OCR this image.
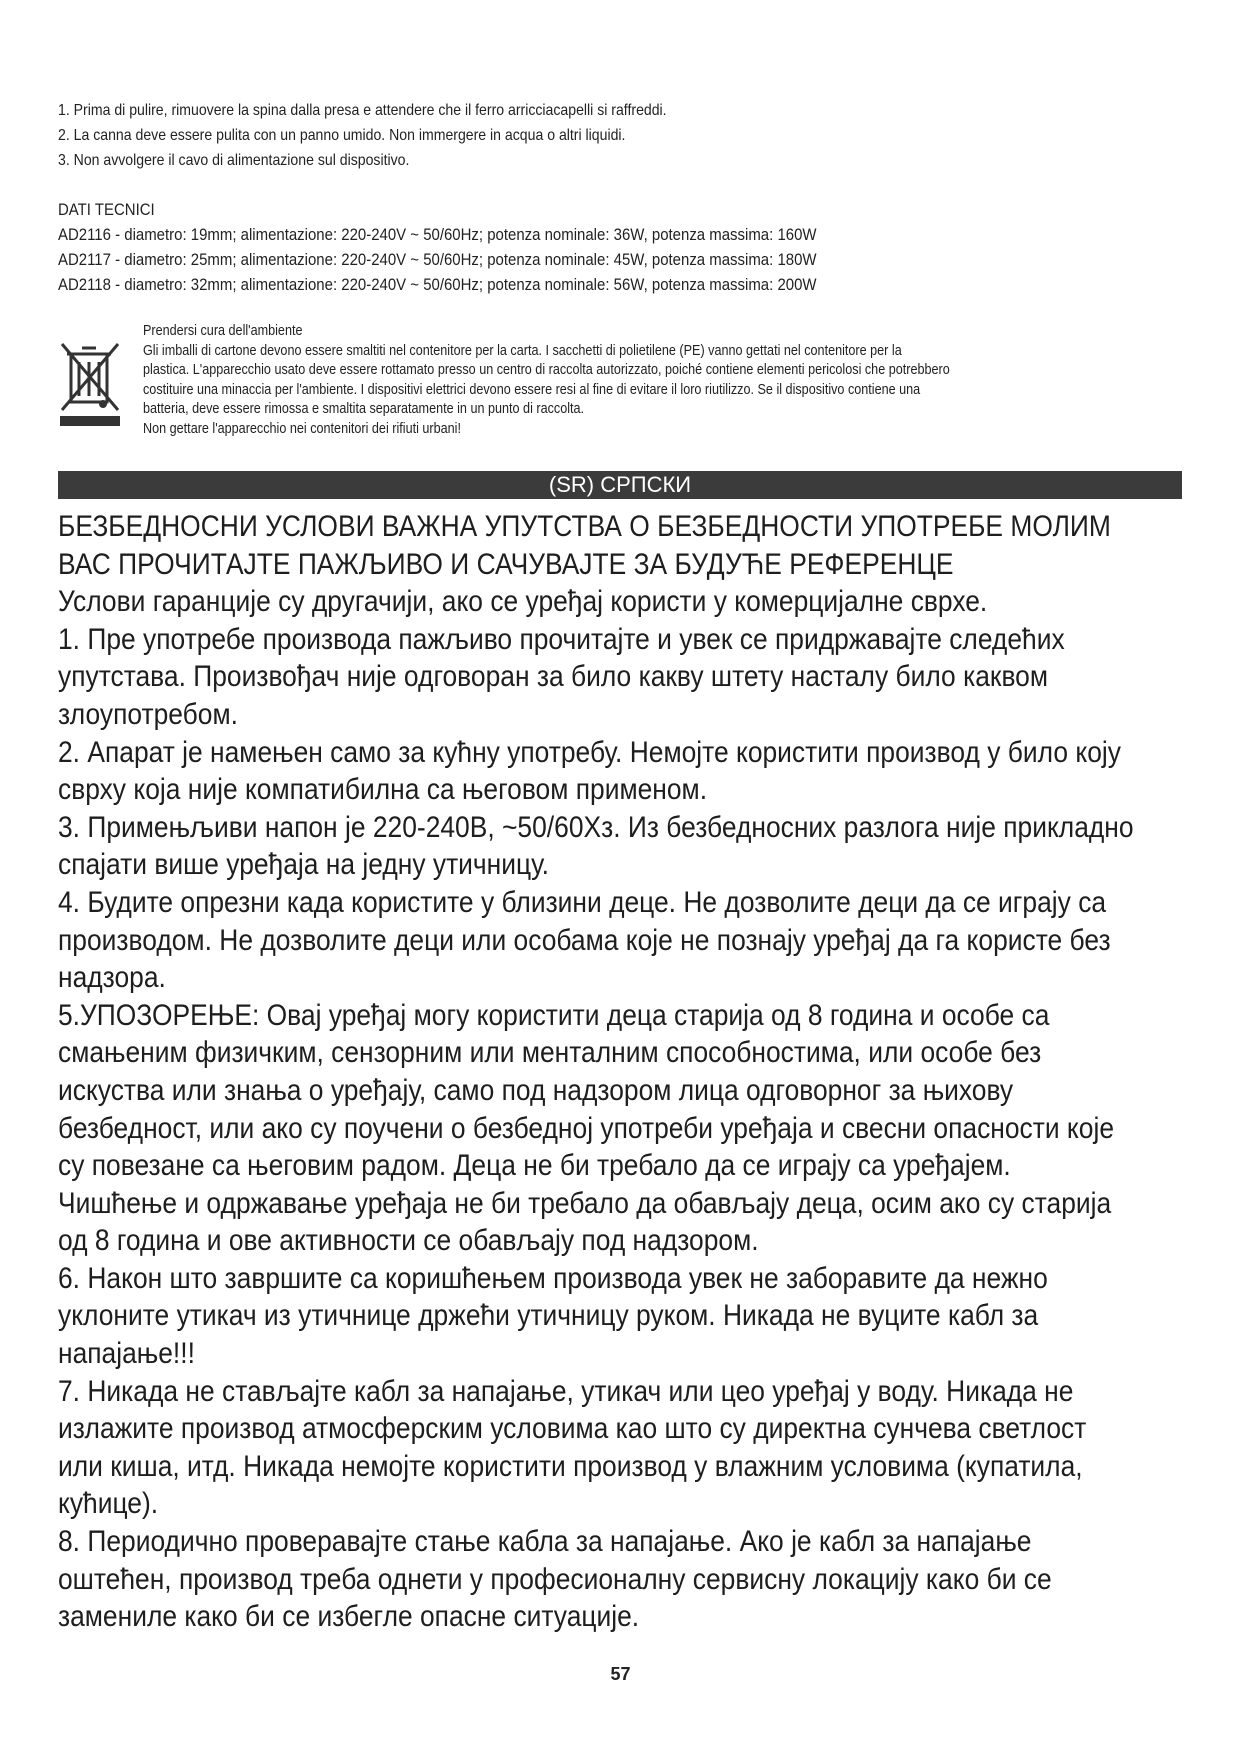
1. Prima di pulire, rimuovere la spina dalla presa e attendere che il ferro arricciacapelli si raffreddi.
2. La canna deve essere pulita con un panno umido. Non immergere in acqua o altri liquidi.
3. Non avvolgere il cavo di alimentazione sul dispositivo.
DATI TECNICI
AD2116 - diametro: 19mm; alimentazione: 220-240V ~ 50/60Hz; potenza nominale: 36W, potenza massima: 160W
AD2117 - diametro: 25mm; alimentazione: 220-240V ~ 50/60Hz; potenza nominale: 45W, potenza massima: 180W
AD2118 - diametro: 32mm; alimentazione: 220-240V ~ 50/60Hz; potenza nominale: 56W, potenza massima: 200W
Prendersi cura dell'ambiente
Gli imballi di cartone devono essere smaltiti nel contenitore per la carta. I sacchetti di polietilene (PE) vanno gettati nel contenitore per la
plastica. L'apparecchio usato deve essere rottamato presso un centro di raccolta autorizzato, poiché contiene elementi pericolosi che potrebbero
costituire una minaccia per l'ambiente. I dispositivi elettrici devono essere resi al fine di evitare il loro riutilizzo. Se il dispositivo contiene una
batteria, deve essere rimossa e smaltita separatamente in un punto di raccolta.
Non gettare l'apparecchio nei contenitori dei rifiuti urbani!
(SR) СРПСКИ
БЕЗБЕДНОСНИ УСЛОВИ ВАЖНА УПУТСТВА О БЕЗБЕДНОСТИ УПОТРЕБЕ МОЛИМ
ВАС ПРОЧИТАЈТЕ ПАЖЉИВО И САЧУВАЈТЕ ЗА БУДУЋЕ РЕФЕРЕНЦЕ
Услови гаранције су другачији, ако се уређај користи у комерцијалне сврхе.
1. Пре употребе производа пажљиво прочитајте и увек се придржавајте следећих
упутстава. Произвођач није одговоран за било какву штету насталу било каквом
злоупотребом.
2. Апарат је намењен само за кућну употребу. Немојте користити производ у било коју
сврху која није компатибилна са његовом применом.
3. Примењљиви напон је 220-240В, ~50/60Хз. Из безбедносних разлога није прикладно
спајати више уређаја на једну утичницу.
4. Будите опрезни када користите у близини деце. Не дозволите деци да се играју са
производом. Не дозволите деци или особама које не познају уређај да га користе без
надзора.
5.УПОЗОРЕЊЕ: Овај уређај могу користити деца старија од 8 година и особе са
смањеним физичким, сензорним или менталним способностима, или особе без
искуства или знања о уређају, само под надзором лица одговорног за њихову
безбедност, или ако су поучени о безбедној употреби уређаја и свесни опасности које
су повезане са његовим радом. Деца не би требало да се играју са уређајем.
Чишћење и одржавање уређаја не би требало да обављају деца, осим ако су старија
од 8 година и ове активности се обављају под надзором.
6. Након што завршите са коришћењем производа увек не заборавите да нежно
уклоните утикач из утичнице држећи утичницу руком. Никада не вуците кабл за
напајање!!!
7. Никада не стављајте кабл за напајање, утикач или цео уређај у воду. Никада не
излажите производ атмосферским условима као што су директна сунчева светлост
или киша, итд. Никада немојте користити производ у влажним условима (купатила,
кућице).
8. Периодично проверавајте стање кабла за напајање. Ако је кабл за напајање
оштећен, производ треба однети у професионалну сервисну локацију како би се
замениле како би се избегле опасне ситуације.
57
